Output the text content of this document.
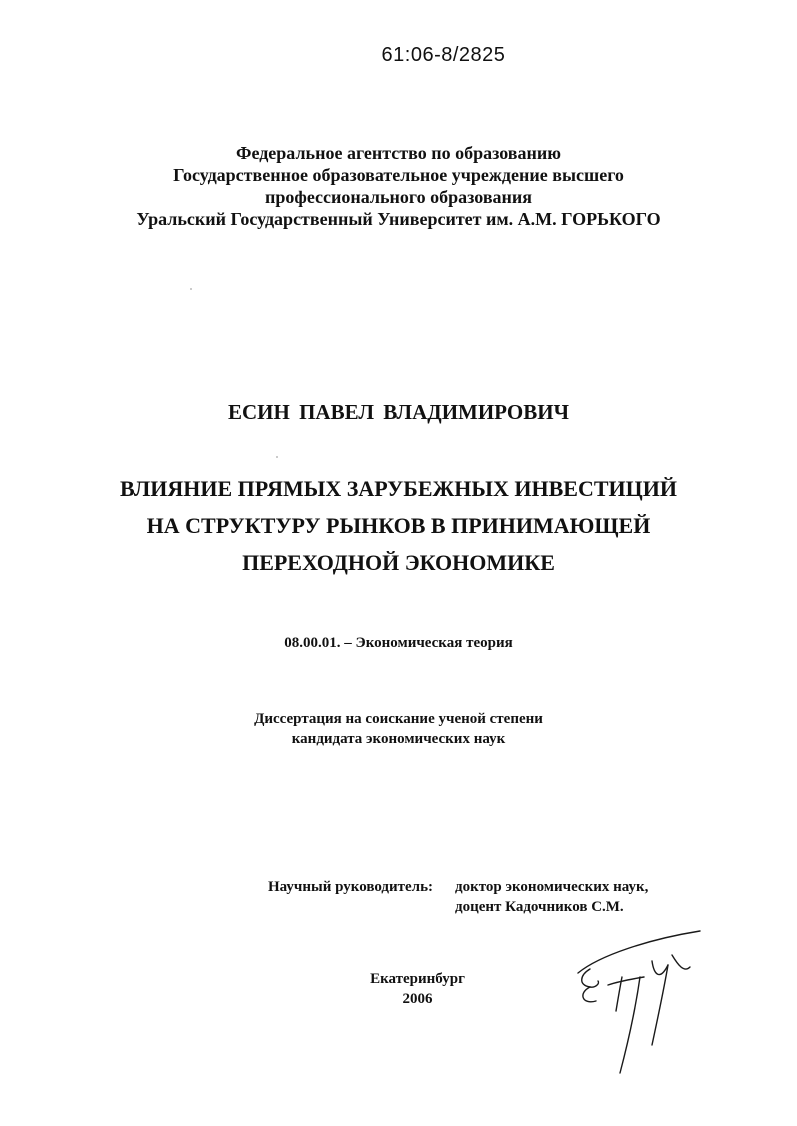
61:06-8/2825
Федеральное агентство по образованию
Государственное образовательное учреждение высшего
профессионального образования
Уральский Государственный Университет им. А.М. ГОРЬКОГО
ЕСИН ПАВЕЛ ВЛАДИМИРОВИЧ
ВЛИЯНИЕ ПРЯМЫХ ЗАРУБЕЖНЫХ ИНВЕСТИЦИЙ
НА СТРУКТУРУ РЫНКОВ В ПРИНИМАЮЩЕЙ
ПЕРЕХОДНОЙ ЭКОНОМИКЕ
08.00.01. – Экономическая теория
Диссертация на соискание ученой степени
кандидата экономических наук
Научный руководитель:	доктор экономических наук,
доцент Кадочников С.М.
Екатеринбург
2006
